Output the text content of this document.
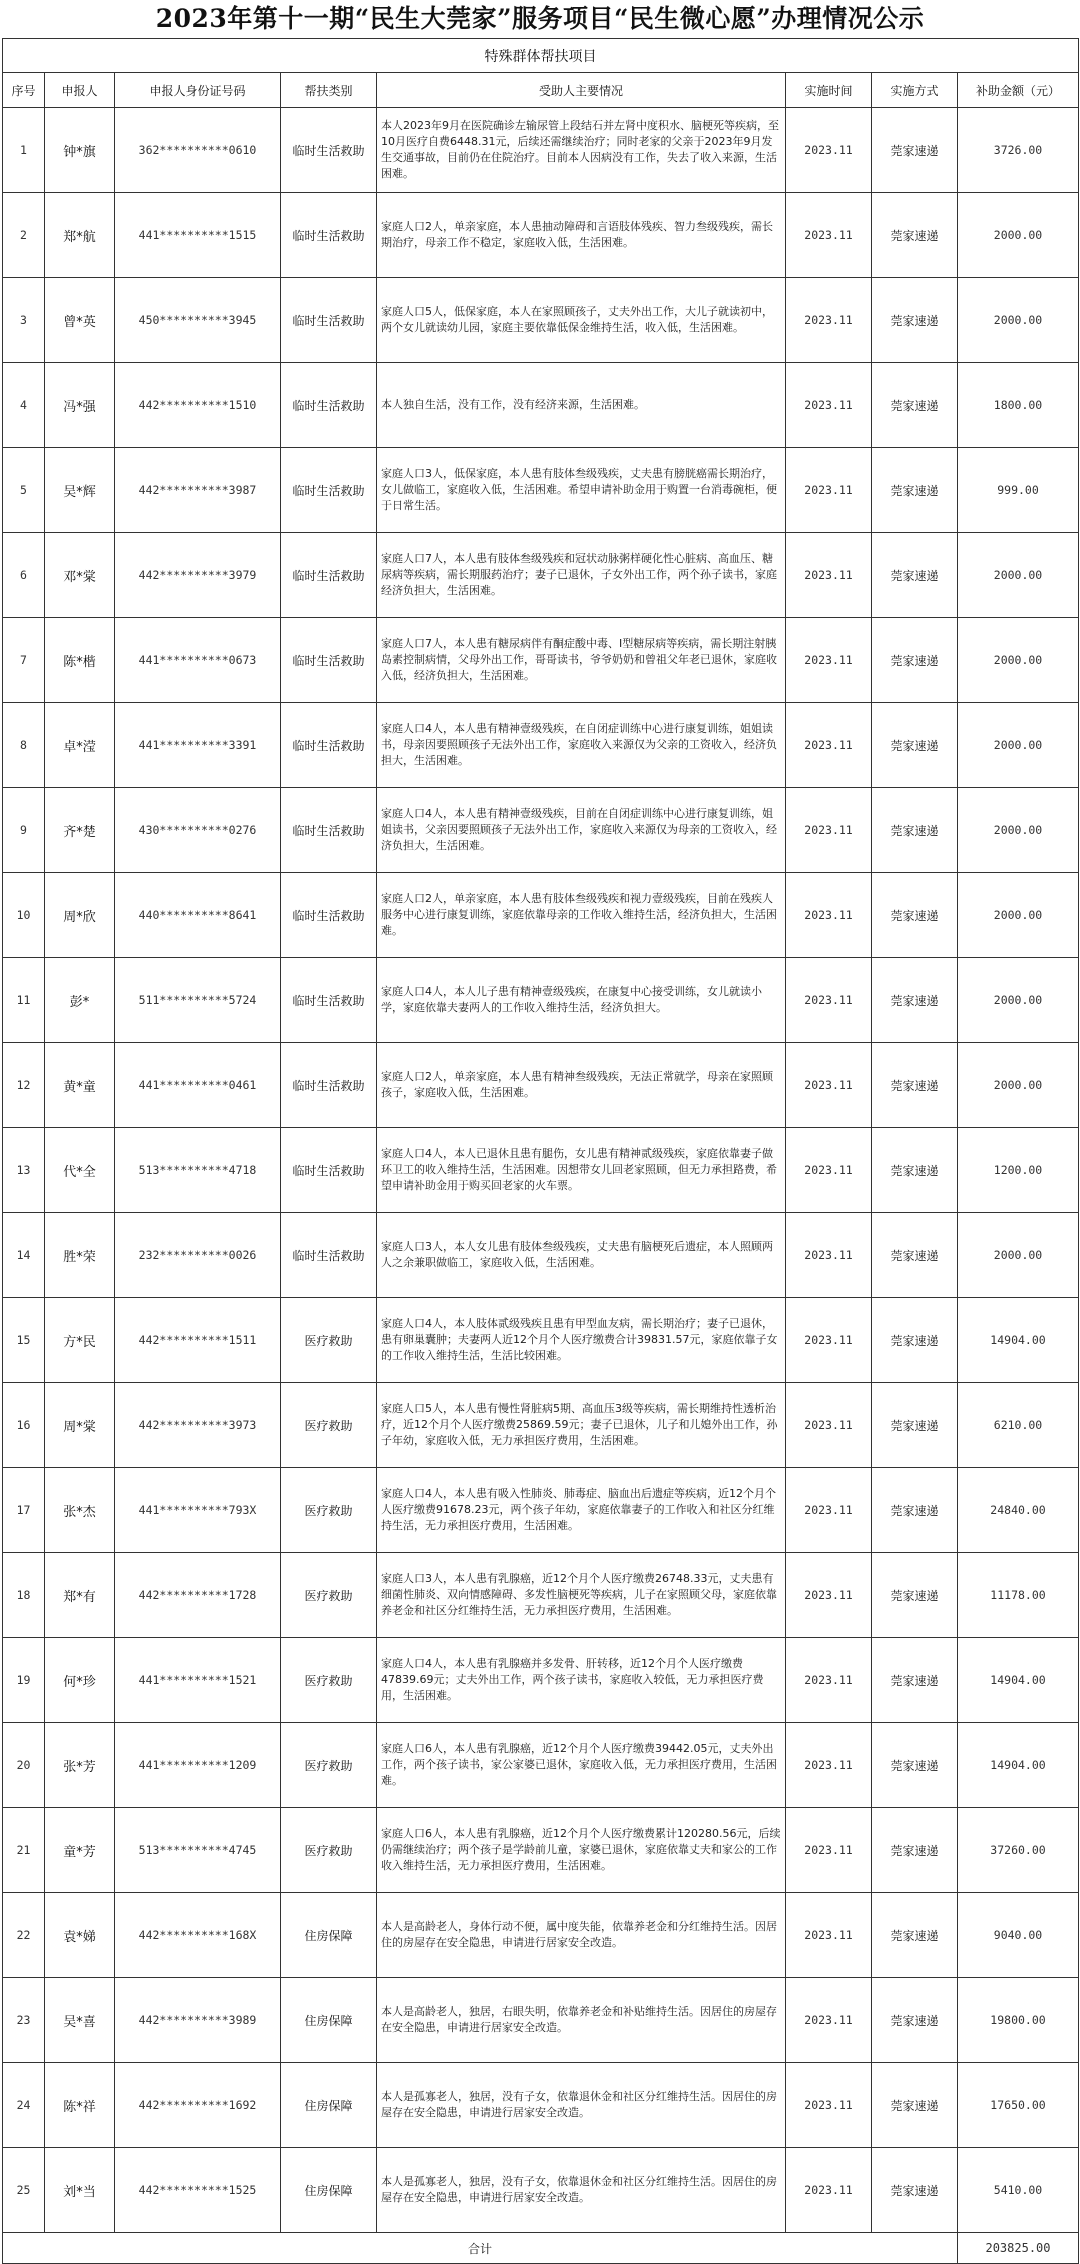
2023年第十一期“民生大莞家”服务项目“民生微心愿”办理情况公示
特殊群体帮扶项目							
序号	申报人	申报人身份证号码	帮扶类别	受助人主要情况	实施时间	实施方式	补助金额（元）
1	钟*旗	362**********0610	临时生活救助	本人2023年9月在医院确诊左输尿管上段结石并左肾中度积水、脑梗死等疾病，至10月医疗自费6448.31元，后续还需继续治疗；同时老家的父亲于2023年9月发生交通事故，目前仍在住院治疗。目前本人因病没有工作，失去了收入来源，生活困难。	2023.11	莞家速递	3726.00
2	郑*航	441**********1515	临时生活救助	家庭人口2人，单亲家庭，本人患抽动障碍和言语肢体残疾、智力叁级残疾，需长期治疗，母亲工作不稳定，家庭收入低，生活困难。	2023.11	莞家速递	2000.00
3	曾*英	450**********3945	临时生活救助	家庭人口5人，低保家庭，本人在家照顾孩子，丈夫外出工作，大儿子就读初中，两个女儿就读幼儿园，家庭主要依靠低保金维持生活，收入低，生活困难。	2023.11	莞家速递	2000.00
4	冯*强	442**********1510	临时生活救助	本人独自生活，没有工作，没有经济来源，生活困难。	2023.11	莞家速递	1800.00
5	吴*辉	442**********3987	临时生活救助	家庭人口3人，低保家庭，本人患有肢体叁级残疾，丈夫患有膀胱癌需长期治疗，女儿做临工，家庭收入低，生活困难。希望申请补助金用于购置一台消毒碗柜，便于日常生活。	2023.11	莞家速递	999.00
6	邓*棠	442**********3979	临时生活救助	家庭人口7人，本人患有肢体叁级残疾和冠状动脉粥样硬化性心脏病、高血压、糖尿病等疾病，需长期服药治疗；妻子已退休，子女外出工作，两个孙子读书，家庭经济负担大，生活困难。	2023.11	莞家速递	2000.00
7	陈*楷	441**********0673	临时生活救助	家庭人口7人，本人患有糖尿病伴有酮症酸中毒、I型糖尿病等疾病，需长期注射胰岛素控制病情，父母外出工作，哥哥读书，爷爷奶奶和曾祖父年老已退休，家庭收入低，经济负担大，生活困难。	2023.11	莞家速递	2000.00
8	卓*滢	441**********3391	临时生活救助	家庭人口4人，本人患有精神壹级残疾，在自闭症训练中心进行康复训练，姐姐读书，母亲因要照顾孩子无法外出工作，家庭收入来源仅为父亲的工资收入，经济负担大，生活困难。	2023.11	莞家速递	2000.00
9	齐*楚	430**********0276	临时生活救助	家庭人口4人，本人患有精神壹级残疾，目前在自闭症训练中心进行康复训练，姐姐读书，父亲因要照顾孩子无法外出工作，家庭收入来源仅为母亲的工资收入，经济负担大，生活困难。	2023.11	莞家速递	2000.00
10	周*欣	440**********8641	临时生活救助	家庭人口2人，单亲家庭，本人患有肢体叁级残疾和视力壹级残疾，目前在残疾人服务中心进行康复训练，家庭依靠母亲的工作收入维持生活，经济负担大，生活困难。	2023.11	莞家速递	2000.00
11	彭*	511**********5724	临时生活救助	家庭人口4人，本人儿子患有精神壹级残疾，在康复中心接受训练，女儿就读小学，家庭依靠夫妻两人的工作收入维持生活，经济负担大。	2023.11	莞家速递	2000.00
12	黄*童	441**********0461	临时生活救助	家庭人口2人，单亲家庭，本人患有精神叁级残疾，无法正常就学，母亲在家照顾孩子，家庭收入低，生活困难。	2023.11	莞家速递	2000.00
13	代*全	513**********4718	临时生活救助	家庭人口4人，本人已退休且患有腿伤，女儿患有精神贰级残疾，家庭依靠妻子做环卫工的收入维持生活，生活困难。因想带女儿回老家照顾，但无力承担路费，希望申请补助金用于购买回老家的火车票。	2023.11	莞家速递	1200.00
14	胜*荣	232**********0026	临时生活救助	家庭人口3人，本人女儿患有肢体叁级残疾，丈夫患有脑梗死后遗症，本人照顾两人之余兼职做临工，家庭收入低，生活困难。	2023.11	莞家速递	2000.00
15	方*民	442**********1511	医疗救助	家庭人口4人，本人肢体贰级残疾且患有甲型血友病，需长期治疗；妻子已退休，患有卵巢囊肿；夫妻两人近12个月个人医疗缴费合计39831.57元，家庭依靠子女的工作收入维持生活，生活比较困难。	2023.11	莞家速递	14904.00
16	周*棠	442**********3973	医疗救助	家庭人口5人，本人患有慢性肾脏病5期、高血压3级等疾病，需长期维持性透析治疗，近12个月个人医疗缴费25869.59元；妻子已退休，儿子和儿媳外出工作，孙子年幼，家庭收入低，无力承担医疗费用，生活困难。	2023.11	莞家速递	6210.00
17	张*杰	441**********793X	医疗救助	家庭人口4人，本人患有吸入性肺炎、肺毒症、脑血出后遗症等疾病，近12个月个人医疗缴费91678.23元，两个孩子年幼，家庭依靠妻子的工作收入和社区分红维持生活，无力承担医疗费用，生活困难。	2023.11	莞家速递	24840.00
18	郑*有	442**********1728	医疗救助	家庭人口3人，本人患有乳腺癌，近12个月个人医疗缴费26748.33元，丈夫患有细菌性肺炎、双向情感障碍、多发性脑梗死等疾病，儿子在家照顾父母，家庭依靠养老金和社区分红维持生活，无力承担医疗费用，生活困难。	2023.11	莞家速递	11178.00
19	何*珍	441**********1521	医疗救助	家庭人口4人，本人患有乳腺癌并多发骨、肝转移，近12个月个人医疗缴费47839.69元；丈夫外出工作，两个孩子读书，家庭收入较低，无力承担医疗费用，生活困难。	2023.11	莞家速递	14904.00
20	张*芳	441**********1209	医疗救助	家庭人口6人，本人患有乳腺癌，近12个月个人医疗缴费39442.05元，丈夫外出工作，两个孩子读书，家公家婆已退休，家庭收入低，无力承担医疗费用，生活困难。	2023.11	莞家速递	14904.00
21	童*芳	513**********4745	医疗救助	家庭人口6人，本人患有乳腺癌，近12个月个人医疗缴费累计120280.56元，后续仍需继续治疗；两个孩子是学龄前儿童，家婆已退休，家庭依靠丈夫和家公的工作收入维持生活，无力承担医疗费用，生活困难。	2023.11	莞家速递	37260.00
22	袁*娣	442**********168X	住房保障	本人是高龄老人，身体行动不便，属中度失能，依靠养老金和分红维持生活。因居住的房屋存在安全隐患，申请进行居家安全改造。	2023.11	莞家速递	9040.00
23	吴*喜	442**********3989	住房保障	本人是高龄老人，独居，右眼失明，依靠养老金和补贴维持生活。因居住的房屋存在安全隐患，申请进行居家安全改造。	2023.11	莞家速递	19800.00
24	陈*祥	442**********1692	住房保障	本人是孤寡老人，独居，没有子女，依靠退休金和社区分红维持生活。因居住的房屋存在安全隐患，申请进行居家安全改造。	2023.11	莞家速递	17650.00
25	刘*当	442**********1525	住房保障	本人是孤寡老人，独居，没有子女，依靠退休金和社区分红维持生活。因居住的房屋存在安全隐患，申请进行居家安全改造。	2023.11	莞家速递	5410.00
合计							203825.00
